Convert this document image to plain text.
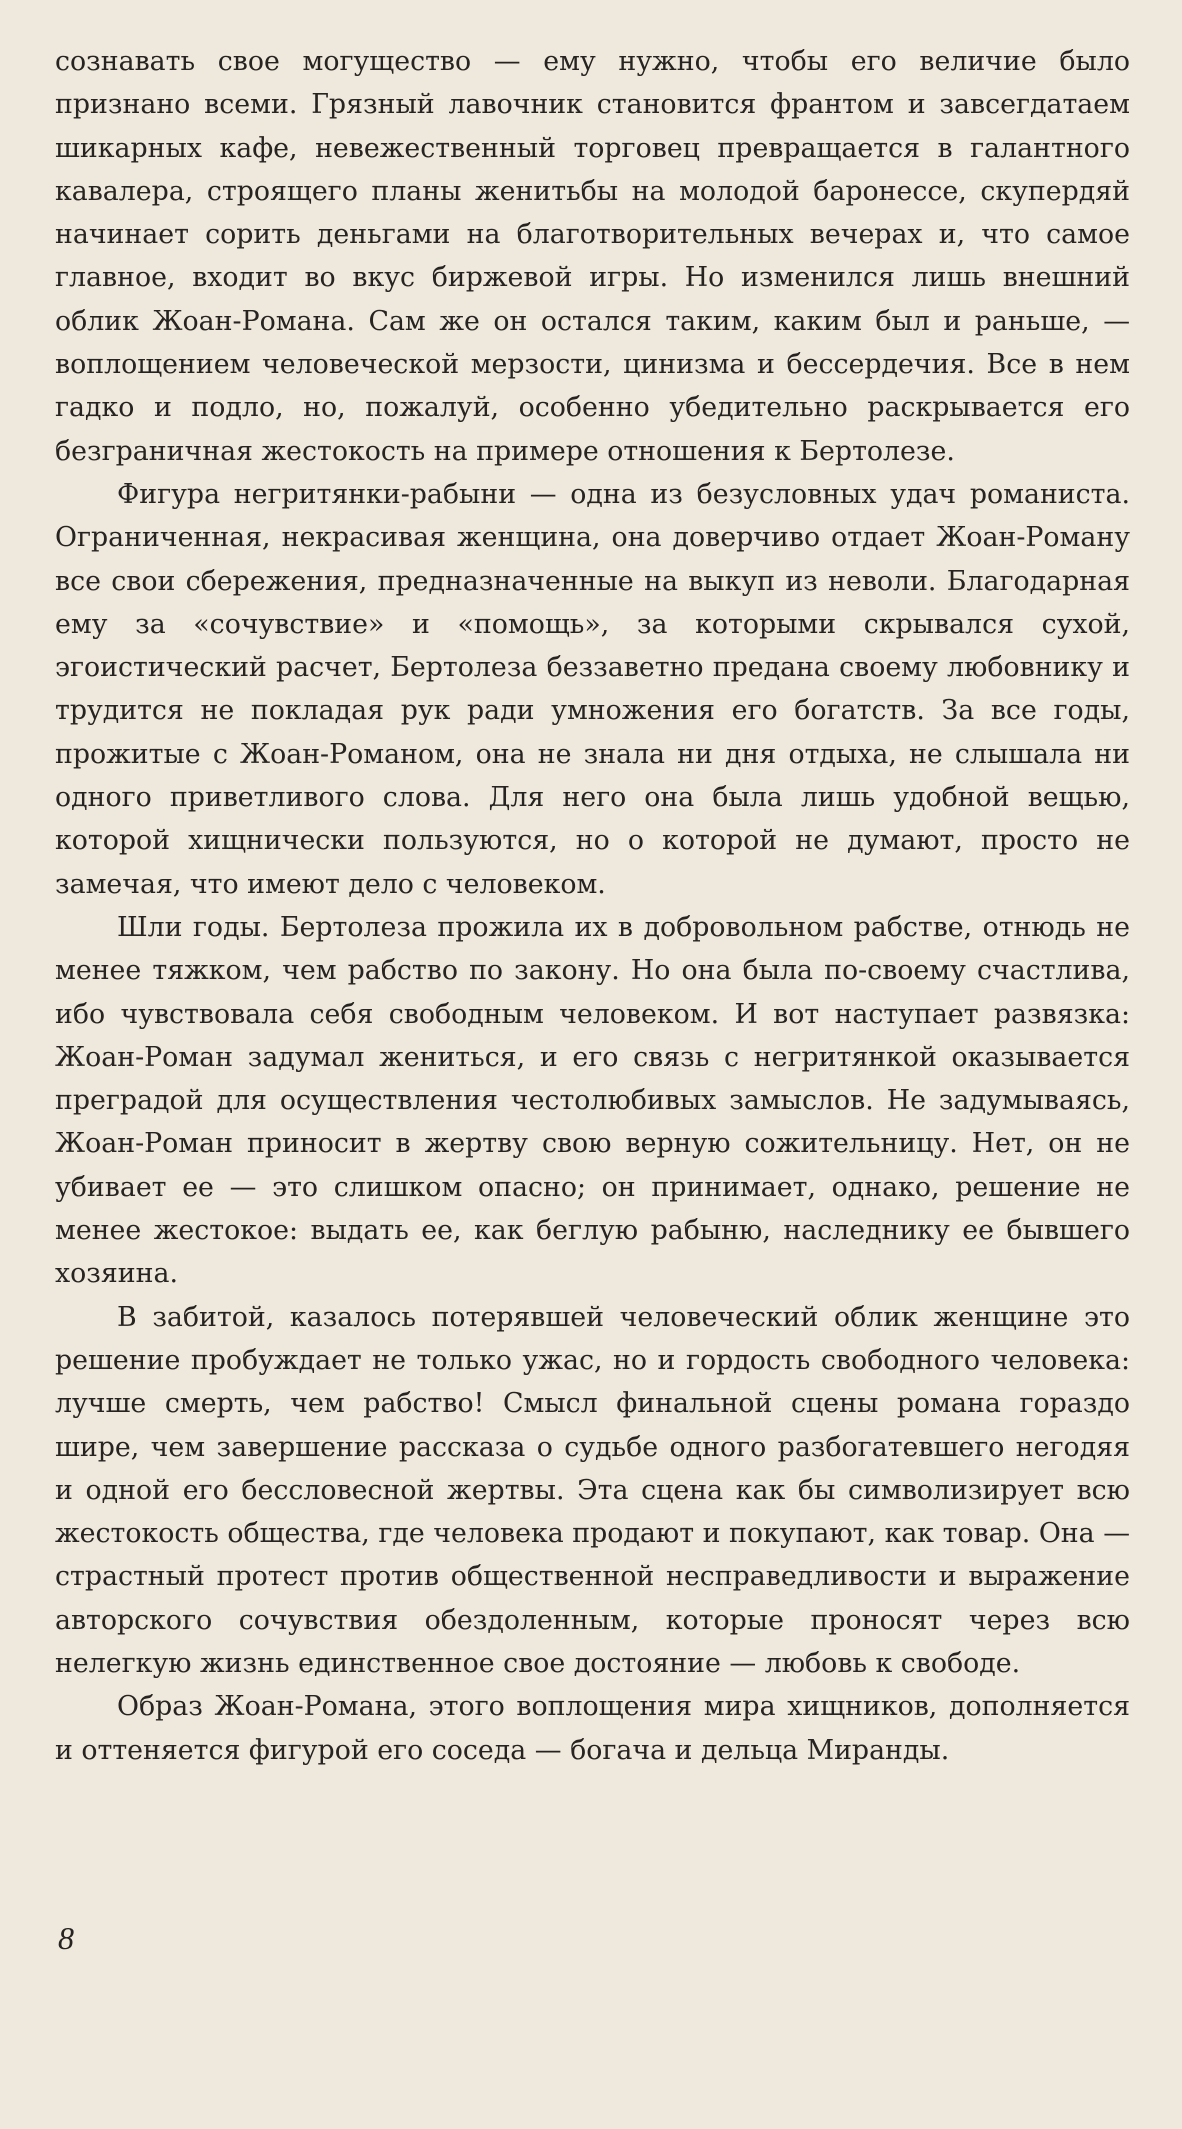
сознавать свое могущество — ему нужно, чтобы его величие было признано всеми. Грязный лавочник становится франтом и завсегдатаем шикарных кафе, невежественный торговец превращается в галантного кавалера, строящего планы женитьбы на молодой баронессе, скупердяй начинает сорить деньгами на благотворительных вечерах и, что самое главное, входит во вкус биржевой игры. Но изменился лишь внешний облик Жоан-Романа. Сам же он остался таким, каким был и раньше, — воплощением человеческой мерзости, цинизма и бессердечия. Все в нем гадко и подло, но, пожалуй, особенно убедительно раскрывается его безграничная жестокость на примере отношения к Бертолезе.

Фигура негритянки-рабыни — одна из безусловных удач романиста. Ограниченная, некрасивая женщина, она доверчиво отдает Жоан-Роману все свои сбережения, предназначенные на выкуп из неволи. Благодарная ему за «сочувствие» и «помощь», за которыми скрывался сухой, эгоистический расчет, Бертолеза беззаветно предана своему любовнику и трудится не покладая рук ради умножения его богатств. За все годы, прожитые с Жоан-Романом, она не знала ни дня отдыха, не слышала ни одного приветливого слова. Для него она была лишь удобной вещью, которой хищнически пользуются, но о которой не думают, просто не замечая, что имеют дело с человеком.

Шли годы. Бертолеза прожила их в добровольном рабстве, отнюдь не менее тяжком, чем рабство по закону. Но она была по-своему счастлива, ибо чувствовала себя свободным человеком. И вот наступает развязка: Жоан-Роман задумал жениться, и его связь с негритянкой оказывается преградой для осуществления честолюбивых замыслов. Не задумываясь, Жоан-Роман приносит в жертву свою верную сожительницу. Нет, он не убивает ее — это слишком опасно; он принимает, однако, решение не менее жестокое: выдать ее, как беглую рабыню, наследнику ее бывшего хозяина.

В забитой, казалось потерявшей человеческий облик женщине это решение пробуждает не только ужас, но и гордость свободного человека: лучше смерть, чем рабство! Смысл финальной сцены романа гораздо шире, чем завершение рассказа о судьбе одного разбогатевшего негодяя и одной его бессловесной жертвы. Эта сцена как бы символизирует всю жестокость общества, где человека продают и покупают, как товар. Она — страстный протест против общественной несправедливости и выражение авторского сочувствия обездоленным, которые проносят через всю нелегкую жизнь единственное свое достояние — любовь к свободе.

Образ Жоан-Романа, этого воплощения мира хищников, дополняется и оттеняется фигурой его соседа — богача и дельца Миранды.

8
